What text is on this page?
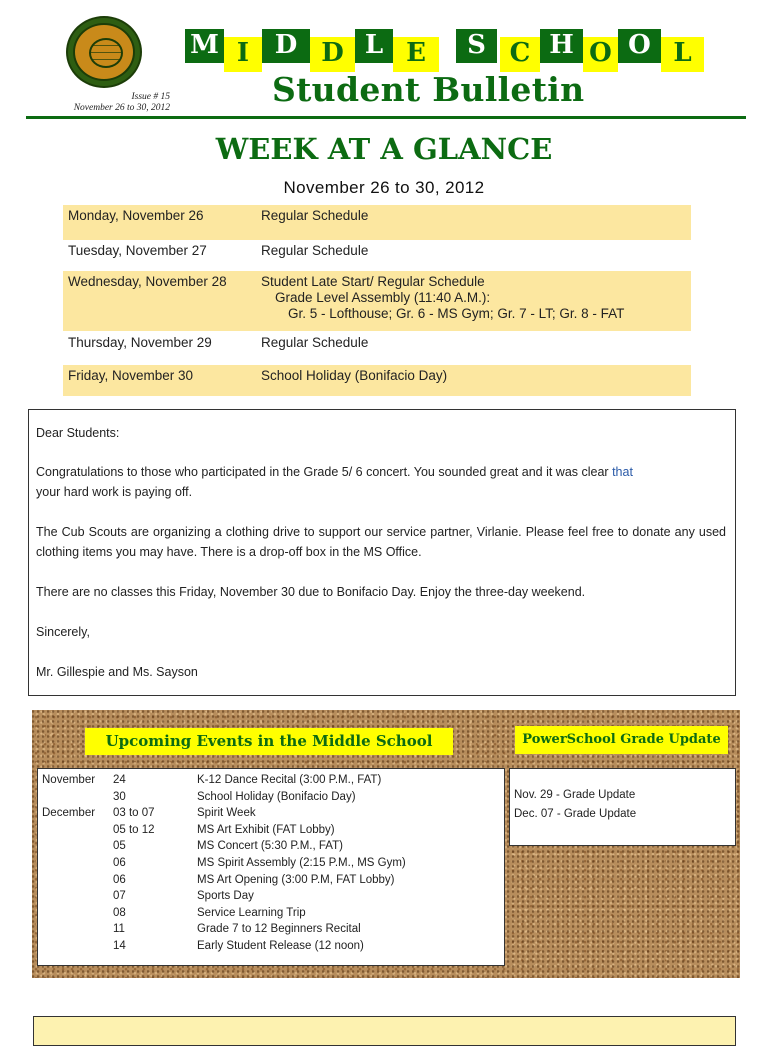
Issue # 15
November 26 to 30, 2012
M I D D L E	S C H O O L
Student Bulletin
WEEK AT A GLANCE
November 26 to 30, 2012
Monday, November 26	Regular Schedule
Tuesday, November 27	Regular Schedule
Wednesday, November 28	Student Late Start/ Regular Schedule
Grade Level Assembly (11:40 A.M.):
Gr. 5 - Lofthouse; Gr. 6 - MS Gym; Gr. 7 - LT; Gr. 8 - FAT
Thursday, November 29	Regular Schedule
Friday, November 30	School Holiday (Bonifacio Day)

Dear Students:

Congratulations to those who participated in the Grade 5/ 6 concert. You sounded great and it was clear that
your hard work is paying off.

The Cub Scouts are organizing a clothing drive to support our service partner, Virlanie. Please feel free to donate any used clothing items you may have. There is a drop-off box in the MS Office.

There are no classes this Friday, November 30 due to Bonifacio Day. Enjoy the three-day weekend.

Sincerely,

Mr. Gillespie and Ms. Sayson

Upcoming Events in the Middle School	PowerSchool Grade Update
November 24	K-12 Dance Recital (3:00 P.M., FAT)
30	School Holiday (Bonifacio Day)
December 03 to 07	Spirit Week
05 to 12	MS Art Exhibit (FAT Lobby)
05	MS Concert (5:30 P.M., FAT)
06	MS Spirit Assembly (2:15 P.M., MS Gym)
06	MS Art Opening (3:00 P.M, FAT Lobby)
07	Sports Day
08	Service Learning Trip
11	Grade 7 to 12 Beginners Recital
14	Early Student Release (12 noon)
Nov. 29 - Grade Update
Dec. 07 - Grade Update
